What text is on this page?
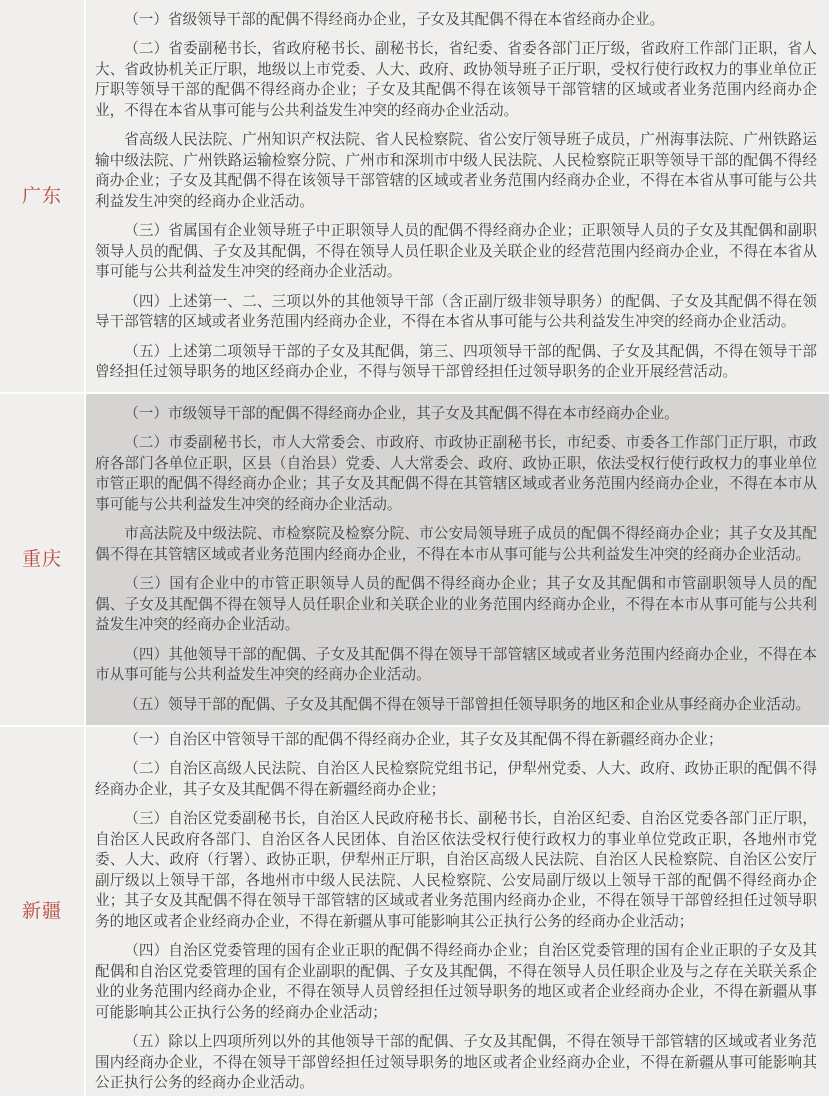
广东

（一）省级领导干部的配偶不得经商办企业，子女及其配偶不得在本省经商办企业。

（二）省委副秘书长，省政府秘书长、副秘书长，省纪委、省委各部门正厅级，省政府工作部门正职，省人大、省政协机关正厅职，地级以上市党委、人大、政府、政协领导班子正厅职，受权行使行政权力的事业单位正厅职等领导干部的配偶不得经商办企业；子女及其配偶不得在该领导干部管辖的区域或者业务范围内经商办企业，不得在本省从事可能与公共利益发生冲突的经商办企业活动。

省高级人民法院、广州知识产权法院、省人民检察院、省公安厅领导班子成员，广州海事法院、广州铁路运输中级法院、广州铁路运输检察分院、广州市和深圳市中级人民法院、人民检察院正职等领导干部的配偶不得经商办企业；子女及其配偶不得在该领导干部管辖的区域或者业务范围内经商办企业，不得在本省从事可能与公共利益发生冲突的经商办企业活动。

（三）省属国有企业领导班子中正职领导人员的配偶不得经商办企业；正职领导人员的子女及其配偶和副职领导人员的配偶、子女及其配偶，不得在领导人员任职企业及关联企业的经营范围内经商办企业，不得在本省从事可能与公共利益发生冲突的经商办企业活动。

（四）上述第一、二、三项以外的其他领导干部（含正副厅级非领导职务）的配偶、子女及其配偶不得在领导干部管辖的区域或者业务范围内经商办企业，不得在本省从事可能与公共利益发生冲突的经商办企业活动。

（五）上述第二项领导干部的子女及其配偶，第三、四项领导干部的配偶、子女及其配偶，不得在领导干部曾经担任过领导职务的地区经商办企业，不得与领导干部曾经担任过领导职务的企业开展经营活动。

重庆

（一）市级领导干部的配偶不得经商办企业，其子女及其配偶不得在本市经商办企业。

（二）市委副秘书长，市人大常委会、市政府、市政协正副秘书长，市纪委、市委各工作部门正厅职，市政府各部门各单位正职，区县（自治县）党委、人大常委会、政府、政协正职，依法受权行使行政权力的事业单位市管正职的配偶不得经商办企业；其子女及其配偶不得在其管辖区域或者业务范围内经商办企业，不得在本市从事可能与公共利益发生冲突的经商办企业活动。

市高法院及中级法院、市检察院及检察分院、市公安局领导班子成员的配偶不得经商办企业；其子女及其配偶不得在其管辖区域或者业务范围内经商办企业，不得在本市从事可能与公共利益发生冲突的经商办企业活动。

（三）国有企业中的市管正职领导人员的配偶不得经商办企业；其子女及其配偶和市管副职领导人员的配偶、子女及其配偶不得在领导人员任职企业和关联企业的业务范围内经商办企业，不得在本市从事可能与公共利益发生冲突的经商办企业活动。

（四）其他领导干部的配偶、子女及其配偶不得在领导干部管辖区域或者业务范围内经商办企业，不得在本市从事可能与公共利益发生冲突的经商办企业活动。

（五）领导干部的配偶、子女及其配偶不得在领导干部曾担任领导职务的地区和企业从事经商办企业活动。

新疆

（一）自治区中管领导干部的配偶不得经商办企业，其子女及其配偶不得在新疆经商办企业；

（二）自治区高级人民法院、自治区人民检察院党组书记，伊犁州党委、人大、政府、政协正职的配偶不得经商办企业，其子女及其配偶不得在新疆经商办企业；

（三）自治区党委副秘书长，自治区人民政府秘书长、副秘书长，自治区纪委、自治区党委各部门正厅职，自治区人民政府各部门、自治区各人民团体、自治区依法受权行使行政权力的事业单位党政正职，各地州市党委、人大、政府（行署）、政协正职，伊犁州正厅职，自治区高级人民法院、自治区人民检察院、自治区公安厅副厅级以上领导干部，各地州市中级人民法院、人民检察院、公安局副厅级以上领导干部的配偶不得经商办企业；其子女及其配偶不得在领导干部管辖的区域或者业务范围内经商办企业，不得在领导干部曾经担任过领导职务的地区或者企业经商办企业，不得在新疆从事可能影响其公正执行公务的经商办企业活动；

（四）自治区党委管理的国有企业正职的配偶不得经商办企业；自治区党委管理的国有企业正职的子女及其配偶和自治区党委管理的国有企业副职的配偶、子女及其配偶，不得在领导人员任职企业及与之存在关联关系企业的业务范围内经商办企业，不得在领导人员曾经担任过领导职务的地区或者企业经商办企业，不得在新疆从事可能影响其公正执行公务的经商办企业活动；

（五）除以上四项所列以外的其他领导干部的配偶、子女及其配偶，不得在领导干部管辖的区域或者业务范围内经商办企业，不得在领导干部曾经担任过领导职务的地区或者企业经商办企业，不得在新疆从事可能影响其公正执行公务的经商办企业活动。
